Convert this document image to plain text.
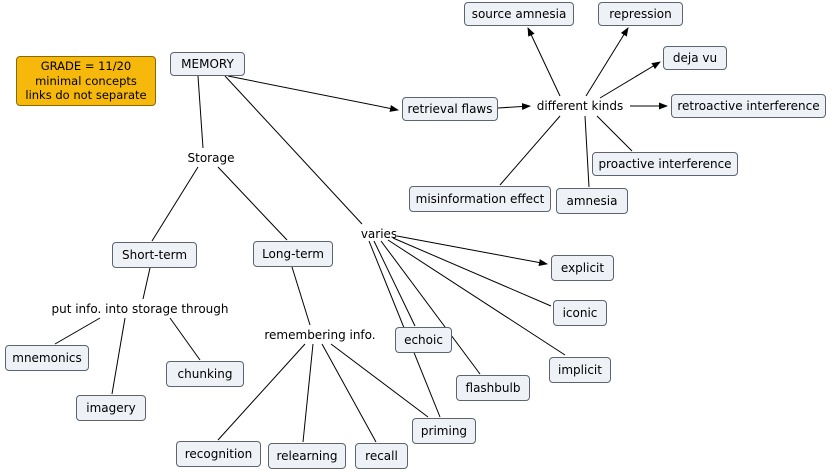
GRADE = 11/20
minimal concepts
links do not separate
MEMORY
Storage
retrieval flaws	different kinds
source amnesia	repression
deja vu
retroactive interference
proactive interference
amnesia
misinformation effect
Short-term	Long-term
varies
put info. into storage through
mnemonics
imagery
chunking
remembering info.
recognition	relearning	recall
priming
flashbulb
echoic
implicit
iconic
explicit
